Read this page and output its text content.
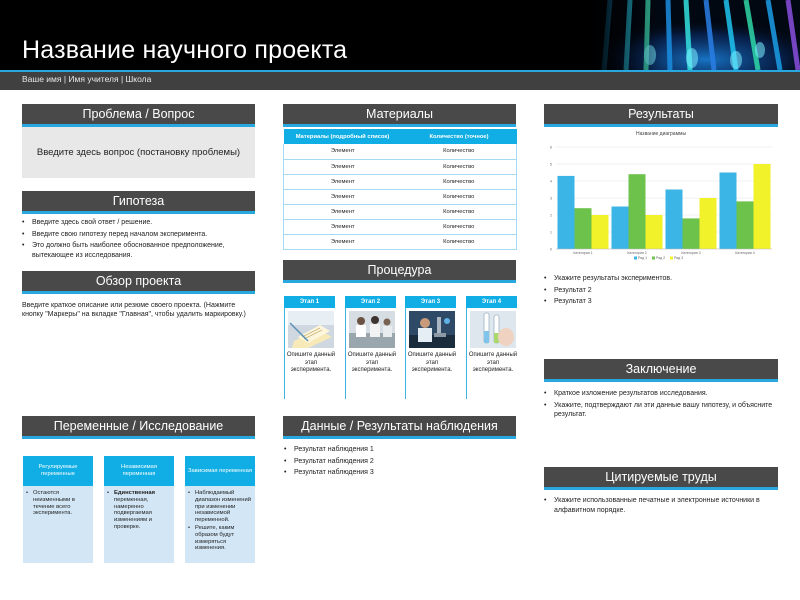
Название научного проекта
Ваше имя | Имя учителя | Школа
Проблема / Вопрос
Введите здесь вопрос (постановку проблемы)
Гипотеза
• Введите здесь свой ответ / решение.
• Введите свою гипотезу перед началом эксперимента.
• Это должно быть наиболее обоснованное предположение, вытекающее из исследования.
Обзор проекта
Введите краткое описание или резюме своего проекта. (Нажмите кнопку "Маркеры" на вкладке "Главная", чтобы удалить маркировку.)
Переменные / Исследование
Регулируемые переменные
• Остаются неизменными в течение всего эксперимента.
Независимая переменная
• Единственная переменная, намеренно подвергаемая изменениям и проверке.
Зависимая переменная
• Наблюдаемый диапазон изменений при изменении независимой переменной.
• Решите, каким образом будут измеряться изменения.
Материалы
Материалы (подробный список)	Количество (точное)
Элемент	Количество
Элемент	Количество
Элемент	Количество
Элемент	Количество
Элемент	Количество
Элемент	Количество
Элемент	Количество
Процедура
Этап 1
Опишите данный этап эксперимента.
Этап 2
Опишите данный этап эксперимента.
Этап 3
Опишите данный этап эксперимента.
Этап 4
Опишите данный этап эксперимента.
Данные / Результаты наблюдения
• Результат наблюдения 1
• Результат наблюдения 2
• Результат наблюдения 3
Результаты
Название диаграммы
0
1
2
3
4
5
6
Категория 1	Категория 2	Категория 3	Категория 4
Ряд 1	Ряд 2	Ряд 3
• Укажите результаты экспериментов.
• Результат 2
• Результат 3
Заключение
• Краткое изложение результатов исследования.
• Укажите, подтверждают ли эти данные вашу гипотезу, и объясните результат.
Цитируемые труды
• Укажите использованные печатные и электронные источники в алфавитном порядке.
